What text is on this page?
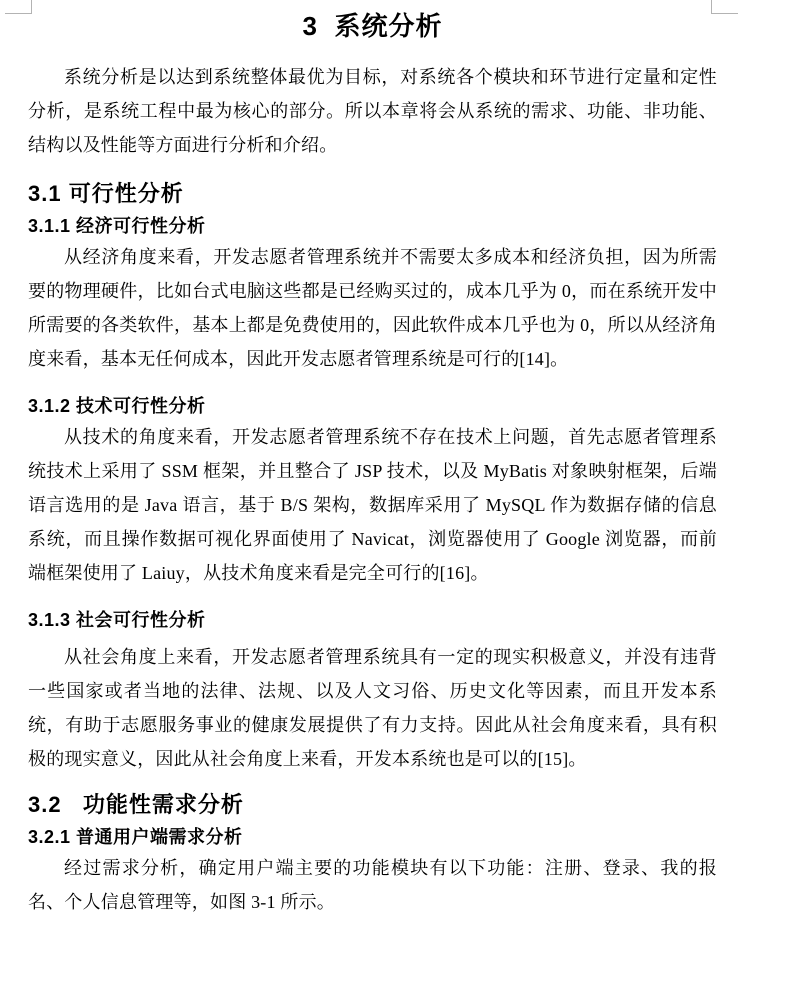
3  系统分析

系统分析是以达到系统整体最优为目标，对系统各个模块和环节进行定量和定性分析，是系统工程中最为核心的部分。所以本章将会从系统的需求、功能、非功能、结构以及性能等方面进行分析和介绍。

3.1 可行性分析
3.1.1 经济可行性分析

从经济角度来看，开发志愿者管理系统并不需要太多成本和经济负担，因为所需要的物理硬件，比如台式电脑这些都是已经购买过的，成本几乎为 0，而在系统开发中所需要的各类软件，基本上都是免费使用的，因此软件成本几乎也为 0，所以从经济角度来看，基本无任何成本，因此开发志愿者管理系统是可行的[14]。

3.1.2 技术可行性分析

从技术的角度来看，开发志愿者管理系统不存在技术上问题，首先志愿者管理系统技术上采用了 SSM 框架，并且整合了 JSP 技术，以及 MyBatis 对象映射框架，后端语言选用的是 Java 语言，基于 B/S 架构，数据库采用了 MySQL 作为数据存储的信息系统，而且操作数据可视化界面使用了 Navicat，浏览器使用了 Google 浏览器，而前端框架使用了 Laiuy，从技术角度来看是完全可行的[16]。

3.1.3 社会可行性分析

从社会角度上来看，开发志愿者管理系统具有一定的现实积极意义，并没有违背一些国家或者当地的法律、法规、以及人文习俗、历史文化等因素，而且开发本系统，有助于志愿服务事业的健康发展提供了有力支持。因此从社会角度来看，具有积极的现实意义，因此从社会角度上来看，开发本系统也是可以的[15]。

3.2   功能性需求分析
3.2.1 普通用户端需求分析

经过需求分析，确定用户端主要的功能模块有以下功能：注册、登录、我的报名、个人信息管理等，如图 3-1 所示。
